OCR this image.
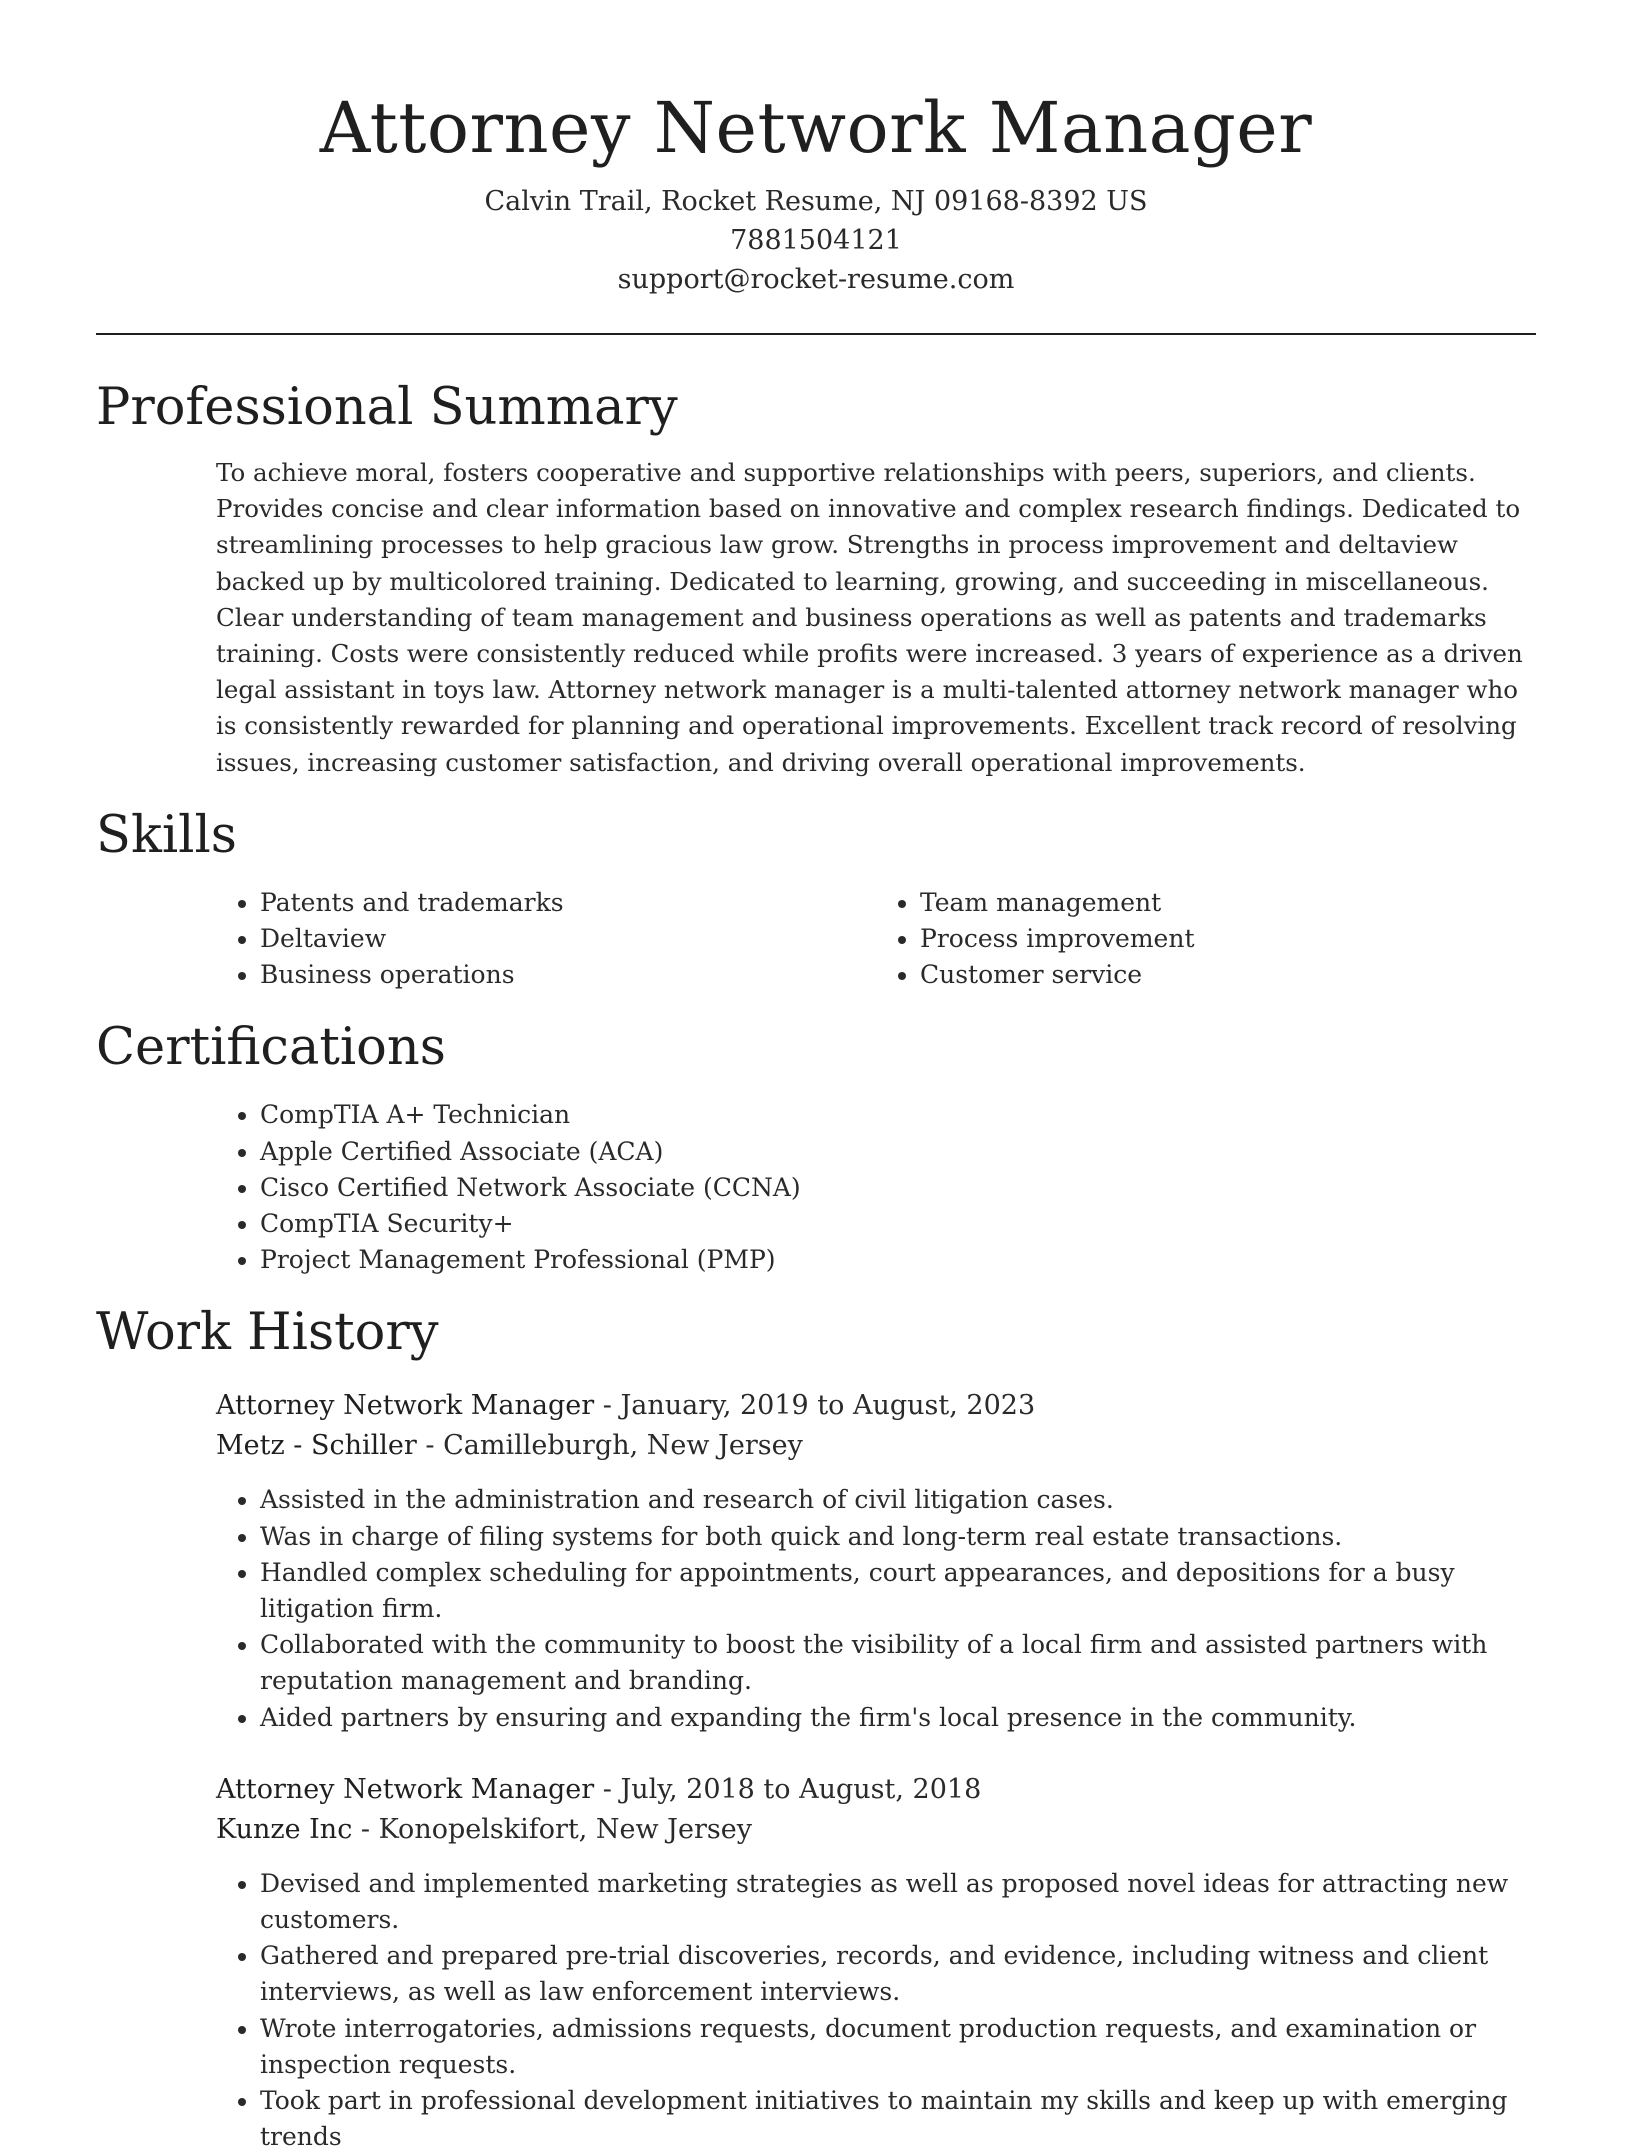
Attorney Network Manager
Calvin Trail, Rocket Resume, NJ 09168-8392 US
7881504121
support@rocket-resume.com
Professional Summary

To achieve moral, fosters cooperative and supportive relationships with peers, superiors, and clients. Provides concise and clear information based on innovative and complex research findings. Dedicated to streamlining processes to help gracious law grow. Strengths in process improvement and deltaview backed up by multicolored training. Dedicated to learning, growing, and succeeding in miscellaneous. Clear understanding of team management and business operations as well as patents and trademarks training. Costs were consistently reduced while profits were increased. 3 years of experience as a driven legal assistant in toys law. Attorney network manager is a multi-talented attorney network manager who is consistently rewarded for planning and operational improvements. Excellent track record of resolving issues, increasing customer satisfaction, and driving overall operational improvements.

Skills
• Patents and trademarks
• Deltaview
• Business operations
• Team management
• Process improvement
• Customer service
Certifications
• CompTIA A+ Technician
• Apple Certified Associate (ACA)
• Cisco Certified Network Associate (CCNA)
• CompTIA Security+
• Project Management Professional (PMP)
Work History
Attorney Network Manager - January, 2019 to August, 2023
Metz - Schiller - Camilleburgh, New Jersey
• Assisted in the administration and research of civil litigation cases.
• Was in charge of filing systems for both quick and long-term real estate transactions.
• Handled complex scheduling for appointments, court appearances, and depositions for a busy litigation firm.
• Collaborated with the community to boost the visibility of a local firm and assisted partners with reputation management and branding.
• Aided partners by ensuring and expanding the firm's local presence in the community.
Attorney Network Manager - July, 2018 to August, 2018
Kunze Inc - Konopelskifort, New Jersey
• Devised and implemented marketing strategies as well as proposed novel ideas for attracting new customers.
• Gathered and prepared pre-trial discoveries, records, and evidence, including witness and client interviews, as well as law enforcement interviews.
• Wrote interrogatories, admissions requests, document production requests, and examination or inspection requests.
• Took part in professional development initiatives to maintain my skills and keep up with emerging trends
